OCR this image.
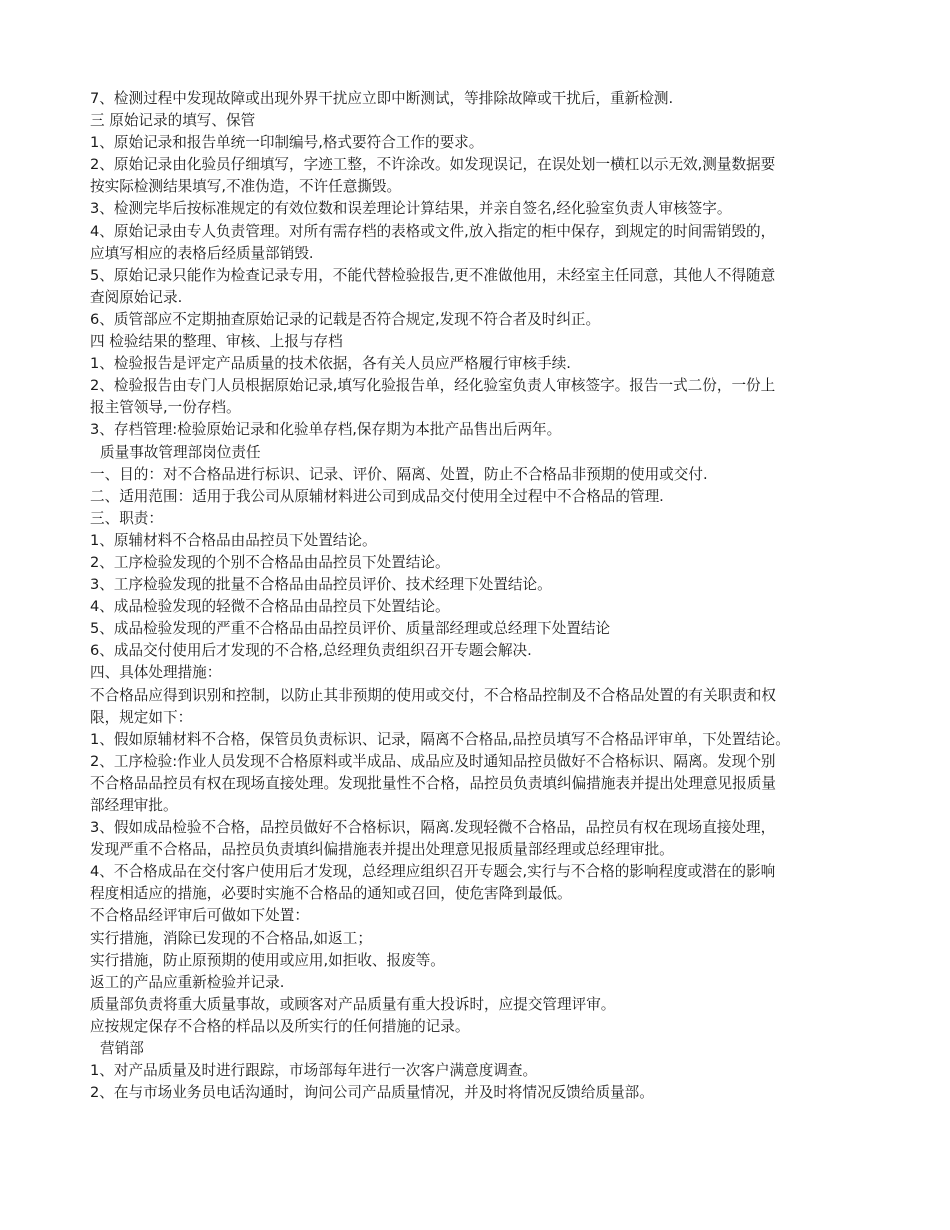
7、检测过程中发现故障或出现外界干扰应立即中断测试，等排除故障或干扰后，重新检测.

三 原始记录的填写、保管

1、原始记录和报告单统一印制编号,格式要符合工作的要求。

2、原始记录由化验员仔细填写，字迹工整，不许涂改。如发现误记，在误处划一横杠以示无效,测量数据要

按实际检测结果填写,不准伪造，不许任意撕毁。

3、检测完毕后按标准规定的有效位数和误差理论计算结果，并亲自签名,经化验室负责人审核签字。

4、原始记录由专人负责管理。对所有需存档的表格或文件,放入指定的柜中保存，到规定的时间需销毁的，

应填写相应的表格后经质量部销毁.

5、原始记录只能作为检查记录专用，不能代替检验报告,更不准做他用，未经室主任同意，其他人不得随意

查阅原始记录.

6、质管部应不定期抽查原始记录的记载是否符合规定,发现不符合者及时纠正。

四 检验结果的整理、审核、上报与存档

1、检验报告是评定产品质量的技术依据，各有关人员应严格履行审核手续.

2、检验报告由专门人员根据原始记录,填写化验报告单，经化验室负责人审核签字。报告一式二份，一份上

报主管领导,一份存档。

3、存档管理:检验原始记录和化验单存档,保存期为本批产品售出后两年。

质量事故管理部岗位责任

一、目的：对不合格品进行标识、记录、评价、隔离、处置，防止不合格品非预期的使用或交付.

二、适用范围：适用于我公司从原辅材料进公司到成品交付使用全过程中不合格品的管理.

三、职责：

1、原辅材料不合格品由品控员下处置结论。

2、工序检验发现的个别不合格品由品控员下处置结论。

3、工序检验发现的批量不合格品由品控员评价、技术经理下处置结论。

4、成品检验发现的轻微不合格品由品控员下处置结论。

5、成品检验发现的严重不合格品由品控员评价、质量部经理或总经理下处置结论

6、成品交付使用后才发现的不合格,总经理负责组织召开专题会解决.

四、具体处理措施：

不合格品应得到识别和控制，以防止其非预期的使用或交付，不合格品控制及不合格品处置的有关职责和权

限，规定如下：

1、假如原辅材料不合格，保管员负责标识、记录，隔离不合格品,品控员填写不合格品评审单，下处置结论。

2、工序检验:作业人员发现不合格原料或半成品、成品应及时通知品控员做好不合格标识、隔离。发现个别

不合格品品控员有权在现场直接处理。发现批量性不合格，品控员负责填纠偏措施表并提出处理意见报质量

部经理审批。

3、假如成品检验不合格，品控员做好不合格标识，隔离.发现轻微不合格品，品控员有权在现场直接处理，

发现严重不合格品，品控员负责填纠偏措施表并提出处理意见报质量部经理或总经理审批。

4、不合格成品在交付客户使用后才发现，总经理应组织召开专题会,实行与不合格的影响程度或潜在的影响

程度相适应的措施，必要时实施不合格品的通知或召回，使危害降到最低。

不合格品经评审后可做如下处置：

实行措施，消除已发现的不合格品,如返工；

实行措施，防止原预期的使用或应用,如拒收、报废等。

返工的产品应重新检验并记录.

质量部负责将重大质量事故，或顾客对产品质量有重大投诉时，应提交管理评审。

应按规定保存不合格的样品以及所实行的任何措施的记录。

营销部

1、对产品质量及时进行跟踪，市场部每年进行一次客户满意度调查。

2、在与市场业务员电话沟通时，询问公司产品质量情况，并及时将情况反馈给质量部。
